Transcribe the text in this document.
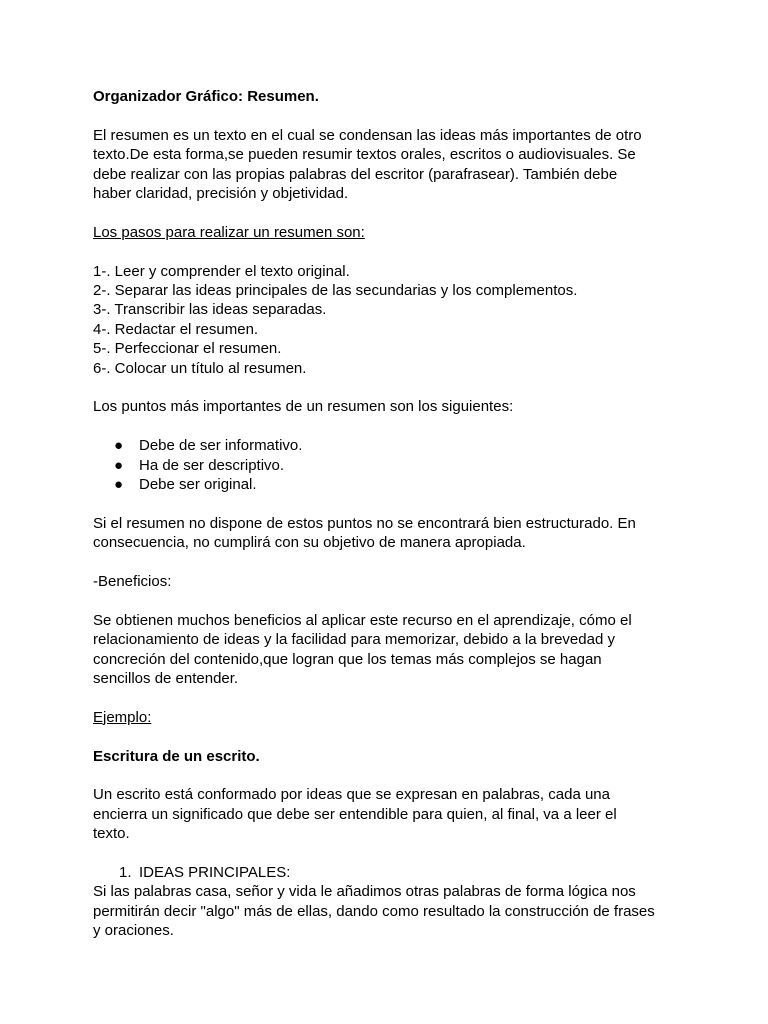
Organizador Gráfico: Resumen.

El resumen es un texto en el cual se condensan las ideas más importantes de otro

texto.De esta forma,se pueden resumir textos orales, escritos o audiovisuales. Se

debe realizar con las propias palabras del escritor (parafrasear). También debe

haber claridad, precisión y objetividad.

Los pasos para realizar un resumen son:

1-. Leer y comprender el texto original.

2-. Separar las ideas principales de las secundarias y los complementos.

3-. Transcribir las ideas separadas.

4-. Redactar el resumen.

5-. Perfeccionar el resumen.

6-. Colocar un título al resumen.

Los puntos más importantes de un resumen son los siguientes:

● Debe de ser informativo.
● Ha de ser descriptivo.
● Debe ser original.

Si el resumen no dispone de estos puntos no se encontrará bien estructurado. En

consecuencia, no cumplirá con su objetivo de manera apropiada.

-Beneficios:

Se obtienen muchos beneficios al aplicar este recurso en el aprendizaje, cómo el

relacionamiento de ideas y la facilidad para memorizar, debido a la brevedad y

concreción del contenido,que logran que los temas más complejos se hagan

sencillos de entender.

Ejemplo:

Escritura de un escrito.

Un escrito está conformado por ideas que se expresan en palabras, cada una

encierra un significado que debe ser entendible para quien, al final, va a leer el

texto.

1. IDEAS PRINCIPALES:

Si las palabras casa, señor y vida le añadimos otras palabras de forma lógica nos

permitirán decir "algo" más de ellas, dando como resultado la construcción de frases

y oraciones.
